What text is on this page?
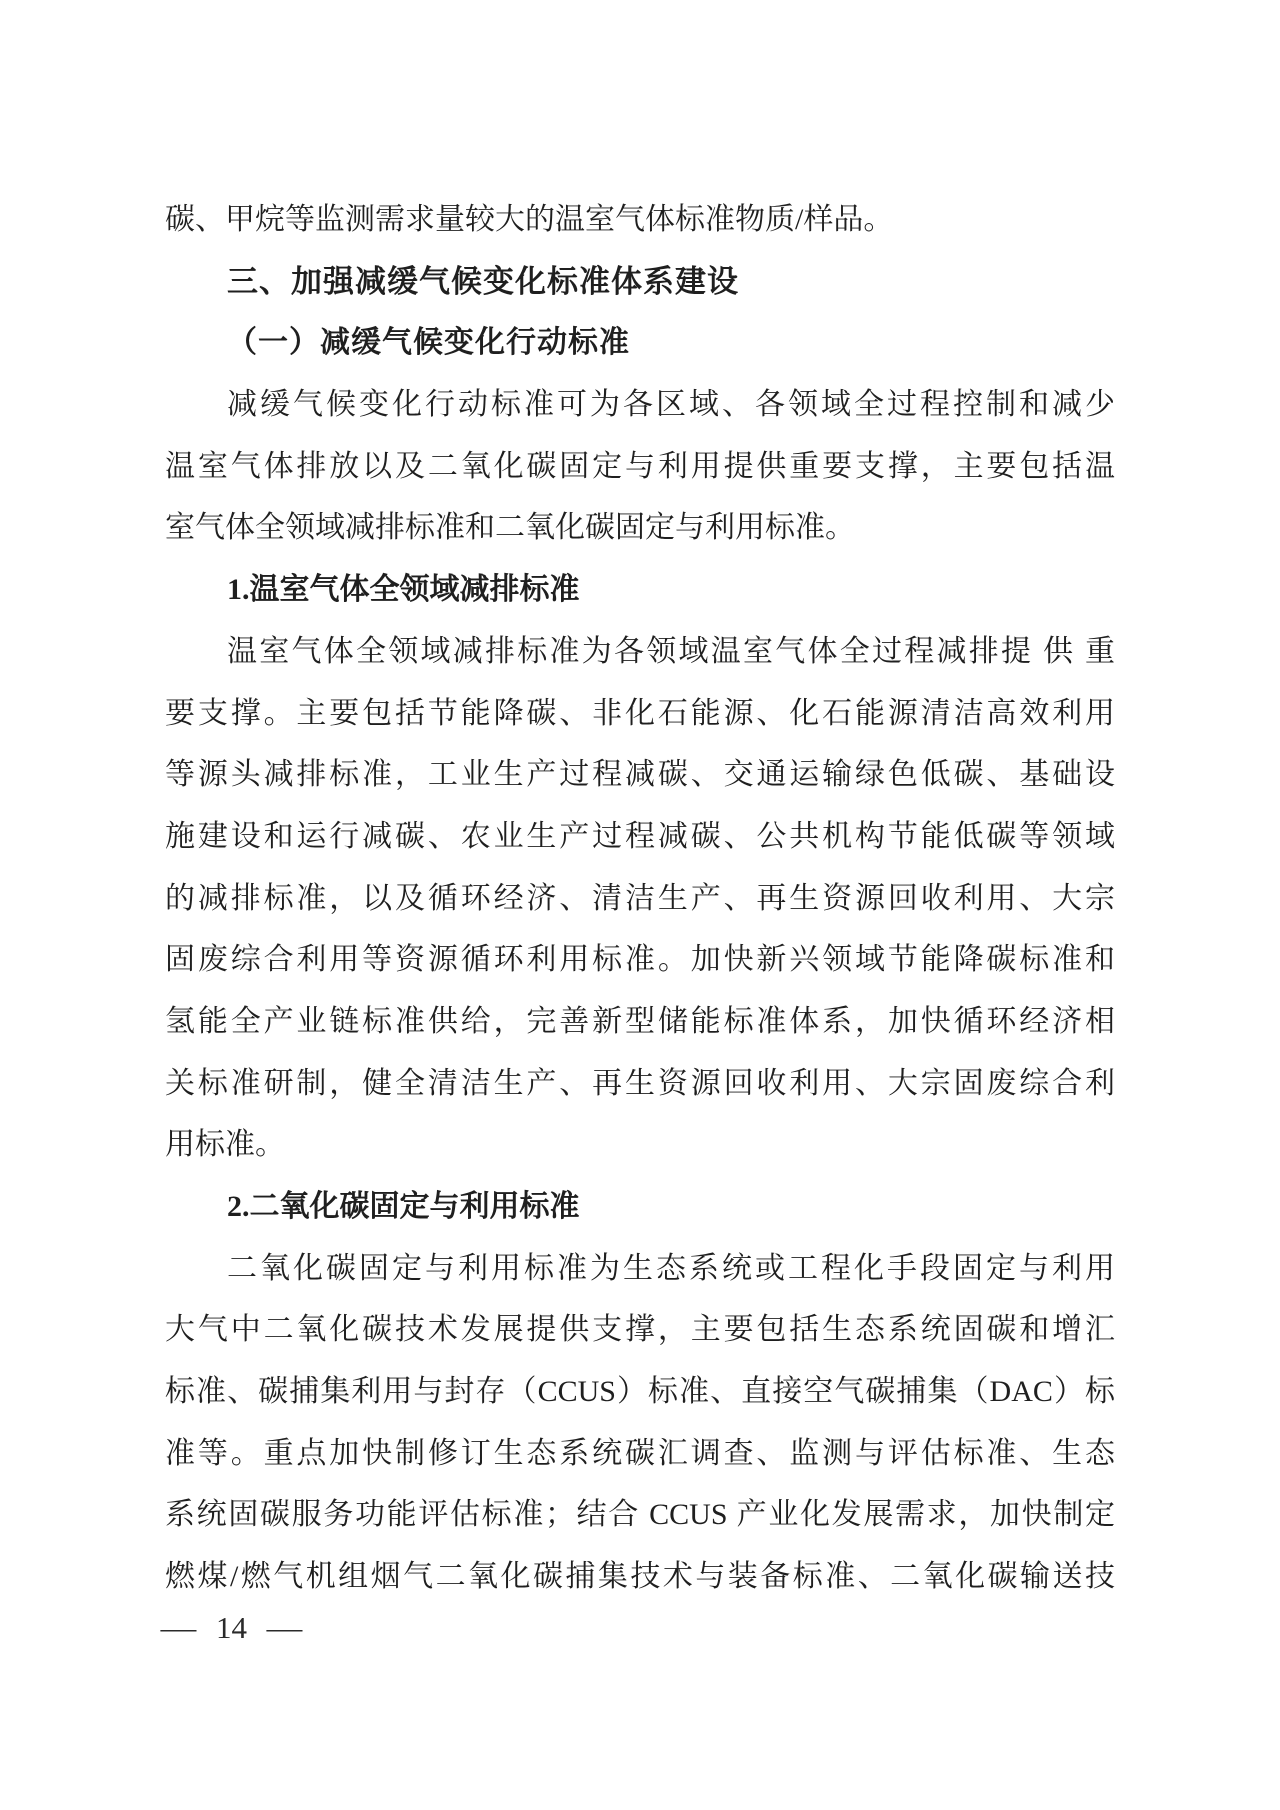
碳、甲烷等监测需求量较大的温室气体标准物质/样品。
三、加强减缓气候变化标准体系建设
（一）减缓气候变化行动标准
减缓气候变化行动标准可为各区域、各领域全过程控制和减少
温室气体排放以及二氧化碳固定与利用提供重要支撑，主要包括温
室气体全领域减排标准和二氧化碳固定与利用标准。
1.温室气体全领域减排标准
温室气体全领域减排标准为各领域温室气体全过程减排提 供 重
要支撑。主要包括节能降碳、非化石能源、化石能源清洁高效利用
等源头减排标准，工业生产过程减碳、交通运输绿色低碳、基础设
施建设和运行减碳、农业生产过程减碳、公共机构节能低碳等领域
的减排标准，以及循环经济、清洁生产、再生资源回收利用、大宗
固废综合利用等资源循环利用标准。加快新兴领域节能降碳标准和
氢能全产业链标准供给，完善新型储能标准体系，加快循环经济相
关标准研制，健全清洁生产、再生资源回收利用、大宗固废综合利
用标准。
2.二氧化碳固定与利用标准
二氧化碳固定与利用标准为生态系统或工程化手段固定与利用
大气中二氧化碳技术发展提供支撑，主要包括生态系统固碳和增汇
标准、碳捕集利用与封存（CCUS）标准、直接空气碳捕集（DAC）标
准等。重点加快制修订生态系统碳汇调查、监测与评估标准、生态
系统固碳服务功能评估标准；结合 CCUS 产业化发展需求，加快制定
燃煤/燃气机组烟气二氧化碳捕集技术与装备标准、二氧化碳输送技
— 14 —
